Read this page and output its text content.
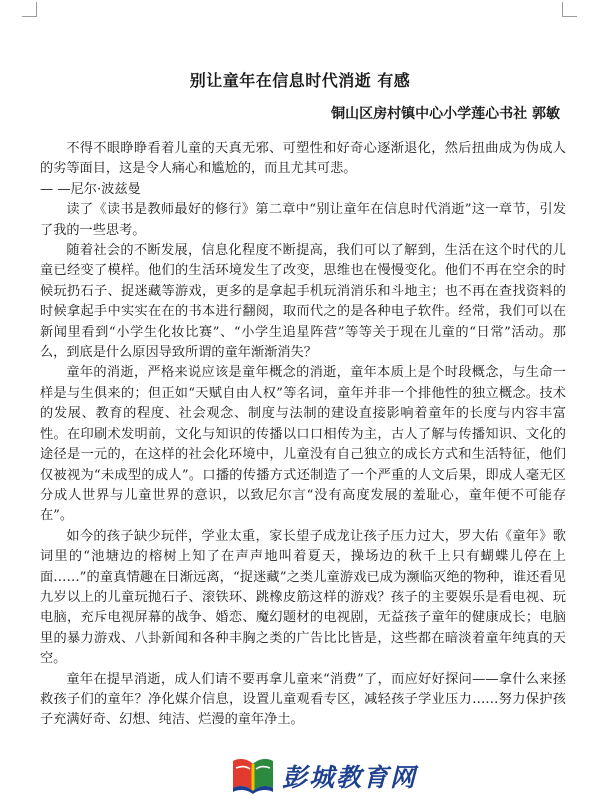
别让童年在信息时代消逝 有感
铜山区房村镇中心小学莲心书社 郭敏

不得不眼睁睁看着儿童的天真无邪、可塑性和好奇心逐渐退化，然后扭曲成为伪成人的劣等面目，这是令人痛心和尴尬的，而且尤其可悲。

— —尼尔·波兹曼

读了《读书是教师最好的修行》第二章中“别让童年在信息时代消逝”这一章节，引发了我的一些思考。

随着社会的不断发展，信息化程度不断提高，我们可以了解到，生活在这个时代的儿童已经变了模样。他们的生活环境发生了改变，思维也在慢慢变化。他们不再在空余的时候玩扔石子、捉迷藏等游戏，更多的是拿起手机玩消消乐和斗地主；也不再在查找资料的时候拿起手中实实在在的书本进行翻阅，取而代之的是各种电子软件。经常，我们可以在新闻里看到“小学生化妆比赛”、“小学生追星阵营”等等关于现在儿童的“日常”活动。那么，到底是什么原因导致所谓的童年渐渐消失？

童年的消逝，严格来说应该是童年概念的消逝，童年本质上是个时段概念，与生命一样是与生俱来的；但正如“天赋自由人权”等名词，童年并非一个排他性的独立概念。技术的发展、教育的程度、社会观念、制度与法制的建设直接影响着童年的长度与内容丰富性。在印刷术发明前，文化与知识的传播以口口相传为主，古人了解与传播知识、文化的途径是一元的，在这样的社会化环境中，儿童没有自己独立的成长方式和生活特征，他们仅被视为“未成型的成人”。口播的传播方式还制造了一个严重的人文后果，即成人毫无区分成人世界与儿童世界的意识，以致尼尔言“没有高度发展的羞耻心，童年便不可能存在”。

如今的孩子缺少玩伴，学业太重，家长望子成龙让孩子压力过大，罗大佑《童年》歌词里的“池塘边的榕树上知了在声声地叫着夏天，操场边的秋千上只有蝴蝶儿停在上面……”的童真情趣在日渐远离，“捉迷藏”之类儿童游戏已成为濒临灭绝的物种，谁还看见九岁以上的儿童玩抛石子、滚铁环、跳橡皮筋这样的游戏？孩子的主要娱乐是看电视、玩电脑，充斥电视屏幕的战争、婚恋、魔幻题材的电视剧，无益孩子童年的健康成长；电脑里的暴力游戏、八卦新闻和各种丰胸之类的广告比比皆是，这些都在暗淡着童年纯真的天空。

童年在提早消逝，成人们请不要再拿儿童来“消费”了，而应好好探问——拿什么来拯救孩子们的童年？净化媒介信息，设置儿童观看专区，减轻孩子学业压力……努力保护孩子充满好奇、幻想、纯洁、烂漫的童年净土。

彭城教育网
